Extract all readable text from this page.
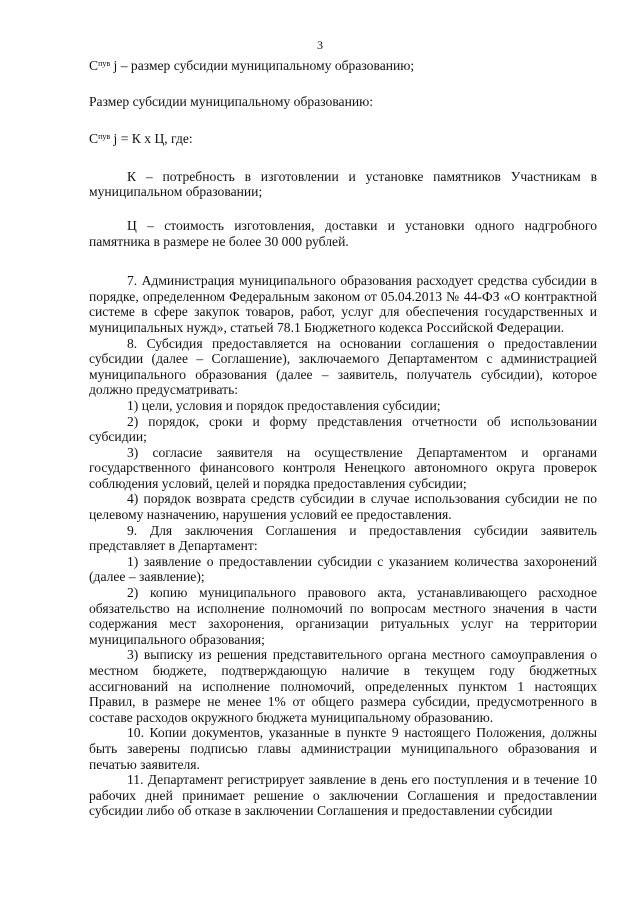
3

$С^{пув}$ j – размер субсидии муниципальному образованию;

Размер субсидии муниципальному образованию:

$С^{пув}$ j = К х Ц, где:

К – потребность в изготовлении и установке памятников Участникам в муниципальном образовании;

Ц – стоимость изготовления, доставки и установки одного надгробного памятника в размере не более 30 000 рублей.

7. Администрация муниципального образования расходует средства субсидии в порядке, определенном Федеральным законом от 05.04.2013 № 44-ФЗ «О контрактной системе в сфере закупок товаров, работ, услуг для обеспечения государственных и муниципальных нужд», статьей 78.1 Бюджетного кодекса Российской Федерации.

8. Субсидия предоставляется на основании соглашения о предоставлении субсидии (далее – Соглашение), заключаемого Департаментом с администрацией муниципального образования (далее – заявитель, получатель субсидии), которое должно предусматривать:

1) цели, условия и порядок предоставления субсидии;

2) порядок, сроки и форму представления отчетности об использовании субсидии;

3) согласие заявителя на осуществление Департаментом и органами государственного финансового контроля Ненецкого автономного округа проверок соблюдения условий, целей и порядка предоставления субсидии;

4) порядок возврата средств субсидии в случае использования субсидии не по целевому назначению, нарушения условий ее предоставления.

9. Для заключения Соглашения и предоставления субсидии заявитель представляет в Департамент:

1) заявление о предоставлении субсидии с указанием количества захоронений (далее – заявление);

2) копию муниципального правового акта, устанавливающего расходное обязательство на исполнение полномочий по вопросам местного значения в части содержания мест захоронения, организации ритуальных услуг на территории муниципального образования;

3) выписку из решения представительного органа местного самоуправления о местном бюджете, подтверждающую наличие в текущем году бюджетных ассигнований на исполнение полномочий, определенных пунктом 1 настоящих Правил, в размере не менее 1% от общего размера субсидии, предусмотренного в составе расходов окружного бюджета муниципальному образованию.

10. Копии документов, указанные в пункте 9 настоящего Положения, должны быть заверены подписью главы администрации муниципального образования и печатью заявителя.

11. Департамент регистрирует заявление в день его поступления и в течение 10 рабочих дней принимает решение о заключении Соглашения и предоставлении субсидии либо об отказе в заключении Соглашения и предоставлении субсидии
